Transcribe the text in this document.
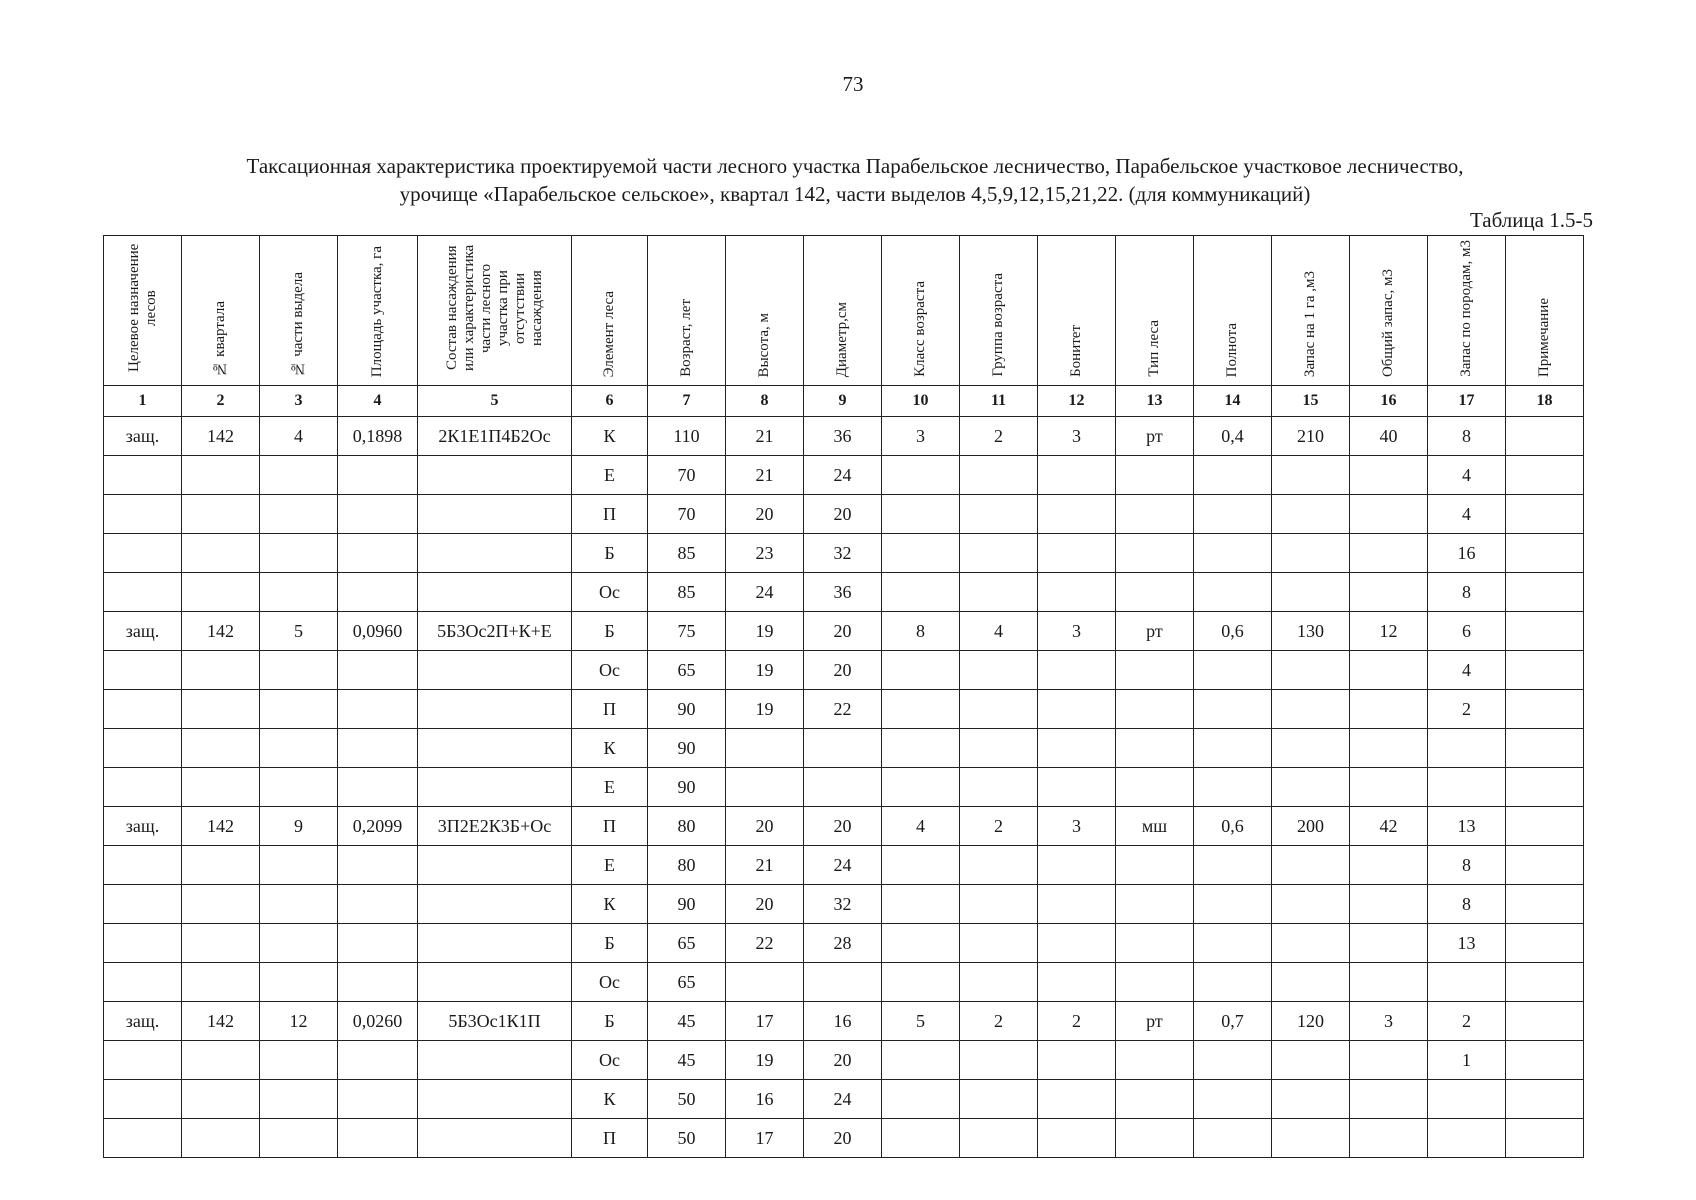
73
Таксационная характеристика проектируемой части лесного участка Парабельское лесничество, Парабельское участковое лесничество,
урочище «Парабельское сельское», квартал 142, части выделов 4,5,9,12,15,21,22. (для коммуникаций)
Таблица 1.5-5
Целевое назначение лесов	№ квартала	№ части выдела	Площадь участка, га	Состав насаждения или характеристика части лесного участка при отсутствии насаждения	Элемент леса	Возраст, лет	Высота, м	Диаметр,см	Класс возраста	Группа возраста	Бонитет	Тип леса	Полнота	Запас на 1 га ,м3	Общий запас, м3	Запас по породам, м3	Примечание
1	2	3	4	5	6	7	8	9	10	11	12	13	14	15	16	17	18
защ.	142	4	0,1898	2К1Е1П4Б2Ос	К	110	21	36	3	2	3	рт	0,4	210	40	8	
					Е	70	21	24								4	
					П	70	20	20								4	
					Б	85	23	32								16	
					Ос	85	24	36								8	
защ.	142	5	0,0960	5Б3Ос2П+К+Е	Б	75	19	20	8	4	3	рт	0,6	130	12	6	
					Ос	65	19	20								4	
					П	90	19	22								2	
					К	90											
					Е	90											
защ.	142	9	0,2099	3П2Е2К3Б+Ос	П	80	20	20	4	2	3	мш	0,6	200	42	13	
					Е	80	21	24								8	
					К	90	20	32								8	
					Б	65	22	28								13	
					Ос	65											
защ.	142	12	0,0260	5Б3Ос1К1П	Б	45	17	16	5	2	2	рт	0,7	120	3	2	
					Ос	45	19	20								1	
					К	50	16	24									
					П	50	17	20									
